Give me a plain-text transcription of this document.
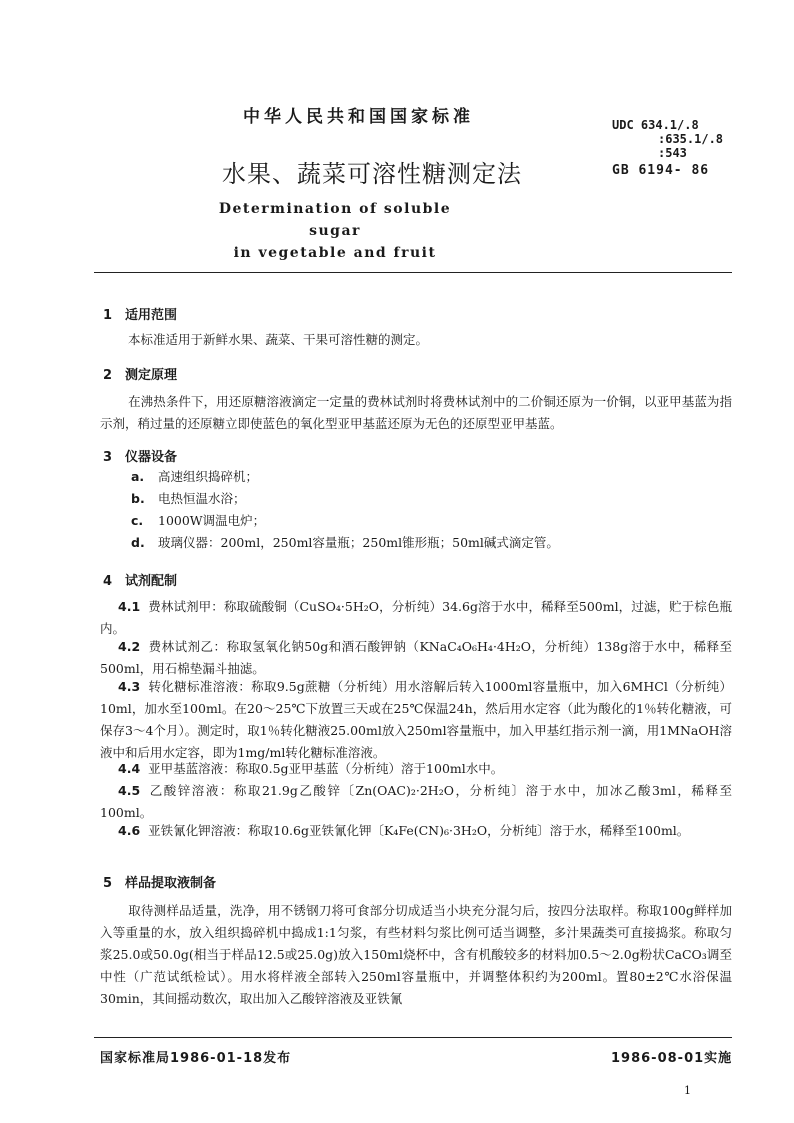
中华人民共和国国家标准	UDC 634.1/.8
:635.1/.8
:543
水果、蔬菜可溶性糖测定法	GB 6194- 86
Determination of soluble sugar
in vegetable and fruit
1 适用范围
本标准适用于新鲜水果、蔬菜、干果可溶性糖的测定。
2 测定原理
在沸热条件下，用还原糖溶液滴定一定量的费林试剂时将费林试剂中的二价铜还原为一价铜，以亚甲基蓝为指示剂，稍过量的还原糖立即使蓝色的氧化型亚甲基蓝还原为无色的还原型亚甲基蓝。
3 仪器设备
a. 高速组织捣碎机；
b. 电热恒温水浴；
c. 1000W调温电炉；
d. 玻璃仪器：200ml，250ml容量瓶；250ml锥形瓶；50ml碱式滴定管。
4 试剂配制
4.1 费林试剂甲：称取硫酸铜（CuSO₄·5H₂O，分析纯）34.6g溶于水中，稀释至500ml，过滤，贮于棕色瓶内。
4.2 费林试剂乙：称取氢氧化钠50g和酒石酸钾钠（KNaC₄O₆H₄·4H₂O，分析纯）138g溶于水中，稀释至500ml，用石棉垫漏斗抽滤。
4.3 转化糖标准溶液：称取9.5g蔗糖（分析纯）用水溶解后转入1000ml容量瓶中，加入6MHCl（分析纯）10ml，加水至100ml。在20～25℃下放置三天或在25℃保温24h，然后用水定容（此为酸化的1％转化糖液，可保存3～4个月）。测定时，取1％转化糖液25.00ml放入250ml容量瓶中，加入甲基红指示剂一滴，用1MNaOH溶液中和后用水定容，即为1mg/ml转化糖标准溶液。
4.4 亚甲基蓝溶液：称取0.5g亚甲基蓝（分析纯）溶于100ml水中。
4.5 乙酸锌溶液：称取21.9g乙酸锌〔Zn(OAC)₂·2H₂O，分析纯〕溶于水中，加冰乙酸3ml，稀释至100ml。
4.6 亚铁氰化钾溶液：称取10.6g亚铁氰化钾〔K₄Fe(CN)₆·3H₂O，分析纯〕溶于水，稀释至100ml。
5 样品提取液制备
取待测样品适量，洗净，用不锈钢刀将可食部分切成适当小块充分混匀后，按四分法取样。称取100g鲜样加入等重量的水，放入组织捣碎机中捣成1:1匀浆，有些材料匀浆比例可适当调整，多汁果蔬类可直接捣浆。称取匀浆25.0或50.0g(相当于样品12.5或25.0g)放入150ml烧杯中，含有机酸较多的材料加0.5～2.0g粉状CaCO₃调至中性（广范试纸检试）。用水将样液全部转入250ml容量瓶中，并调整体积约为200ml。置80±2℃水浴保温30min，其间摇动数次，取出加入乙酸锌溶液及亚铁氰
国家标准局1986-01-18发布	1986-08-01实施
1
